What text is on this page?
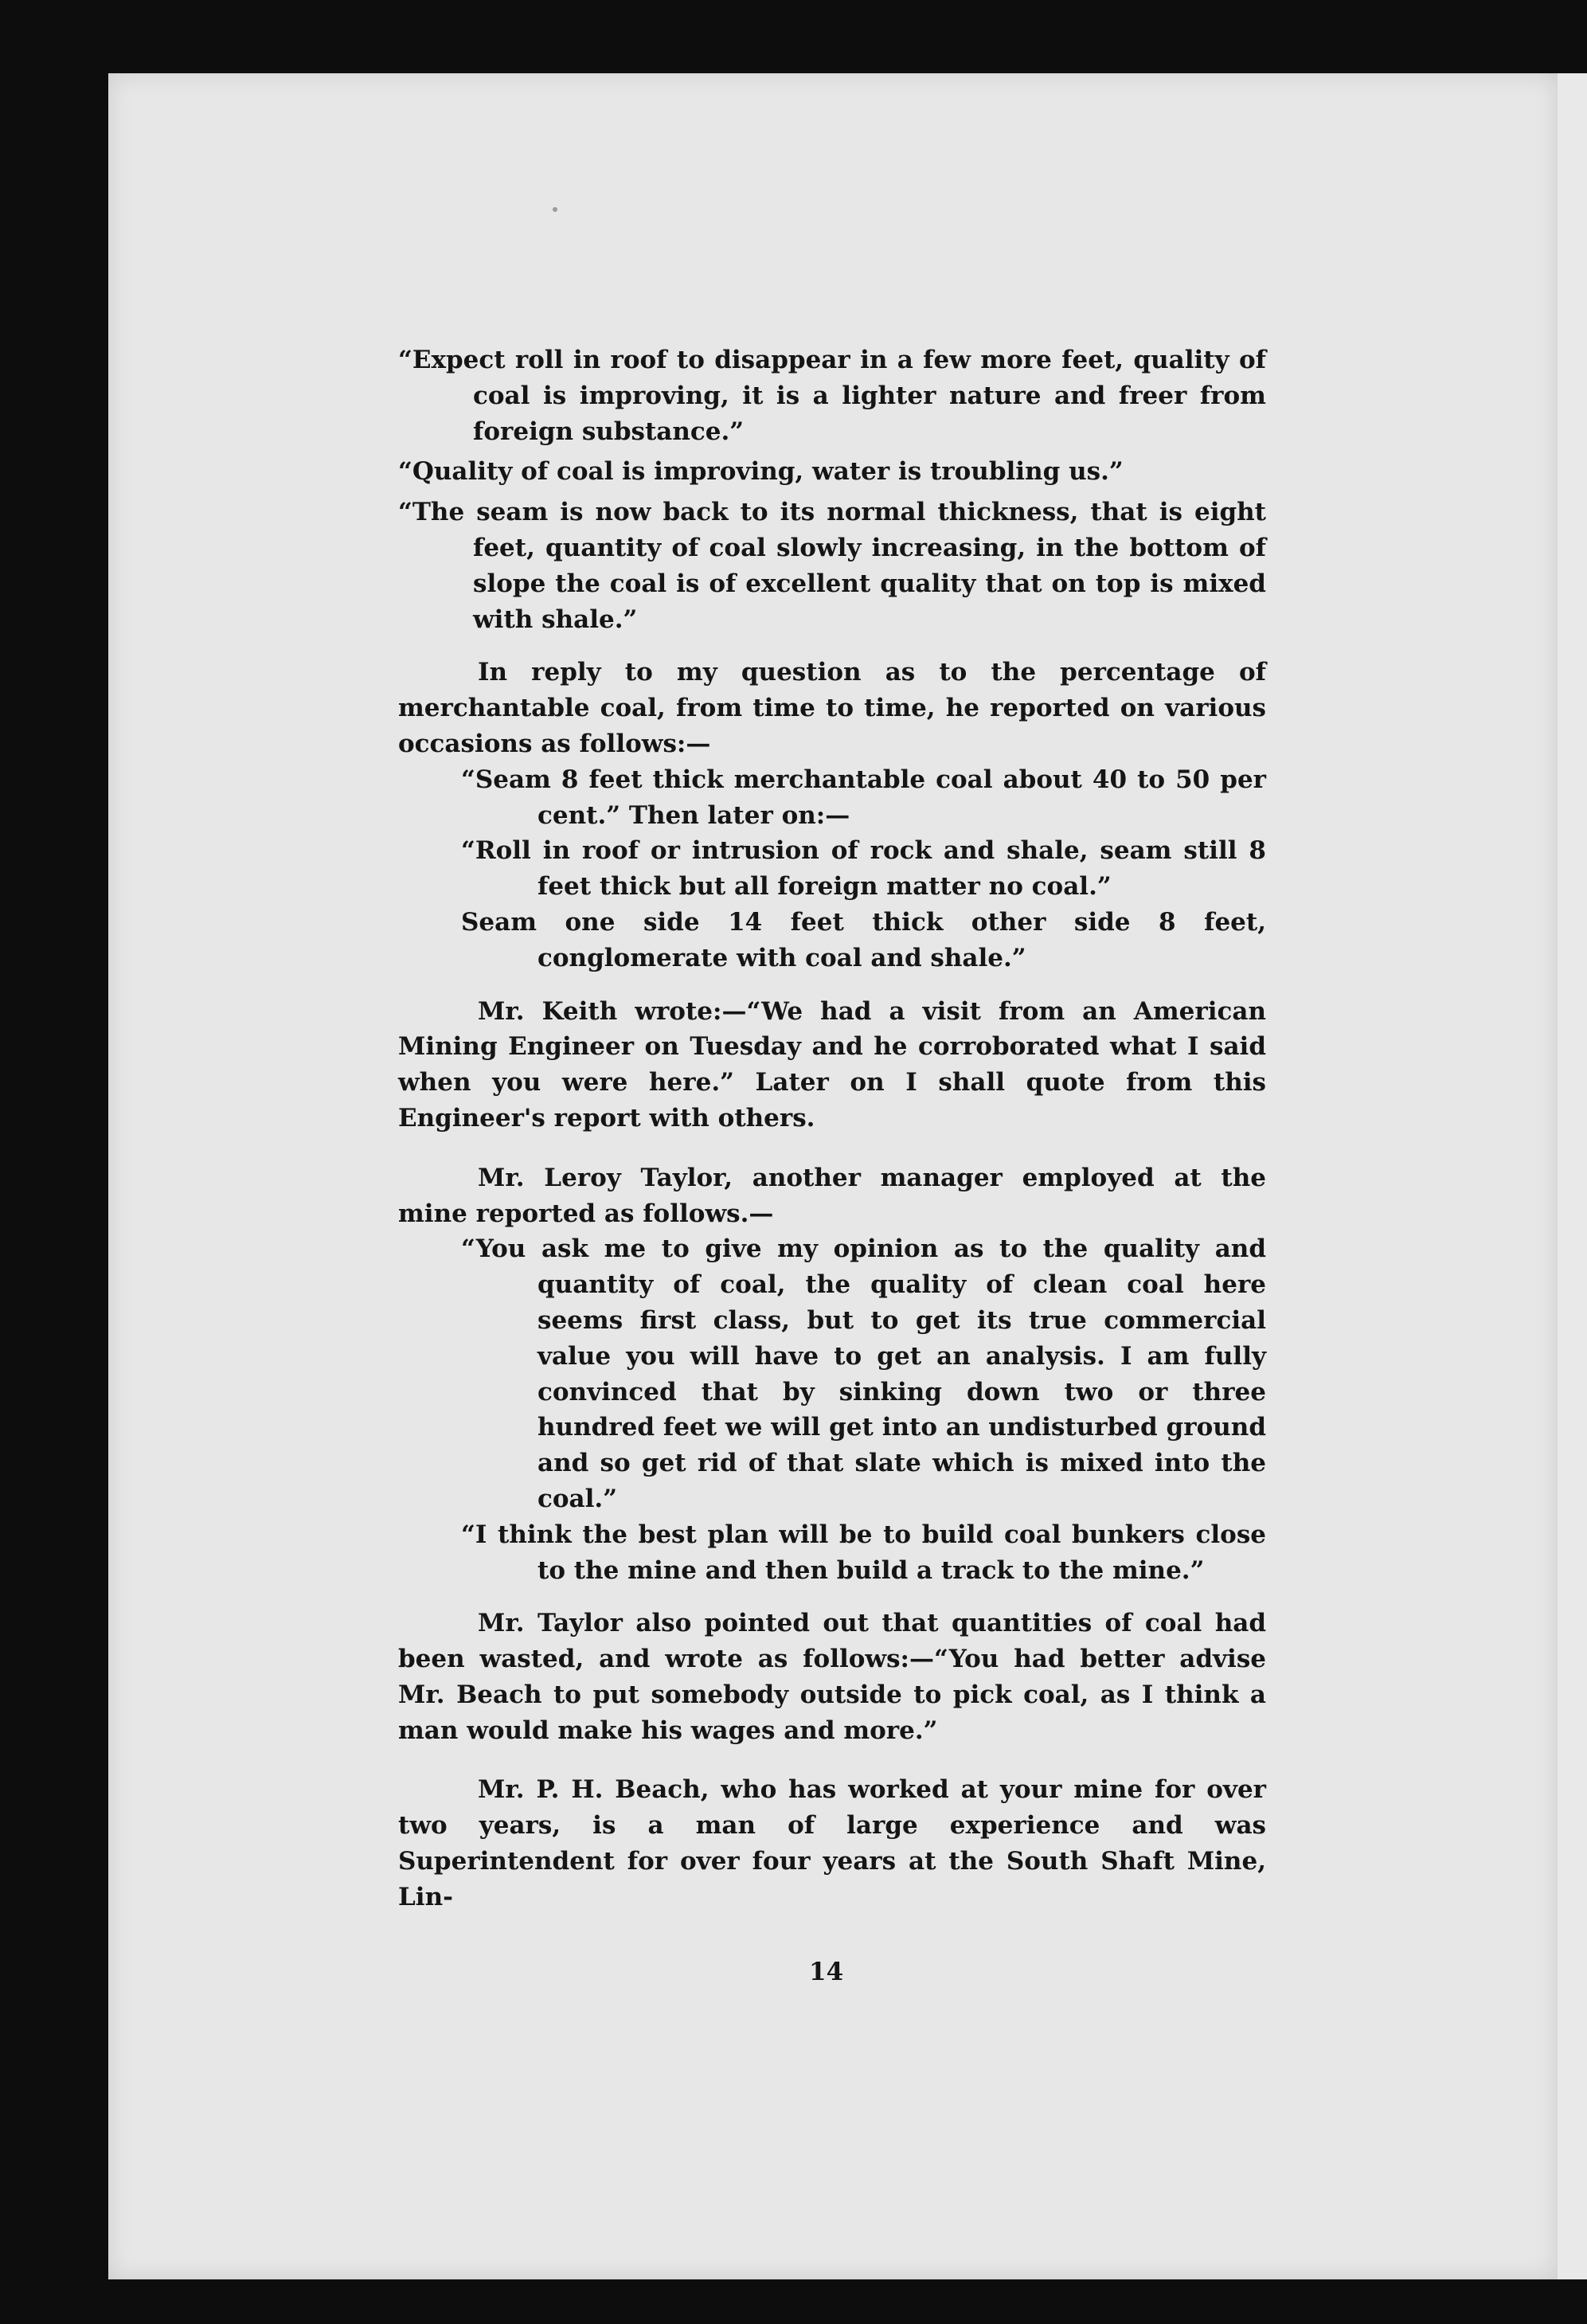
“Expect roll in roof to disappear in a few more feet, quality of coal is improving, it is a lighter nature and freer from foreign substance.”

“Quality of coal is improving, water is troubling us.”

“The seam is now back to its normal thickness, that is eight feet, quantity of coal slowly increasing, in the bottom of slope the coal is of excellent quality that on top is mixed with shale.”

In reply to my question as to the percentage of merchantable coal, from time to time, he reported on various occasions as follows:—

“Seam 8 feet thick merchantable coal about 40 to 50 per cent.” Then later on:—

“Roll in roof or intrusion of rock and shale, seam still 8 feet thick but all foreign matter no coal.”

Seam one side 14 feet thick other side 8 feet, conglomerate with coal and shale.”

Mr. Keith wrote:—“We had a visit from an American Mining Engineer on Tuesday and he corroborated what I said when you were here.” Later on I shall quote from this Engineer's report with others.

Mr. Leroy Taylor, another manager employed at the mine reported as follows.—

“You ask me to give my opinion as to the quality and quantity of coal, the quality of clean coal here seems first class, but to get its true commercial value you will have to get an analysis. I am fully convinced that by sinking down two or three hundred feet we will get into an undisturbed ground and so get rid of that slate which is mixed into the coal.”

“I think the best plan will be to build coal bunkers close to the mine and then build a track to the mine.”

Mr. Taylor also pointed out that quantities of coal had been wasted, and wrote as follows:—“You had better advise Mr. Beach to put somebody outside to pick coal, as I think a man would make his wages and more.”

Mr. P. H. Beach, who has worked at your mine for over two years, is a man of large experience and was Superintendent for over four years at the South Shaft Mine, Lin-

14
